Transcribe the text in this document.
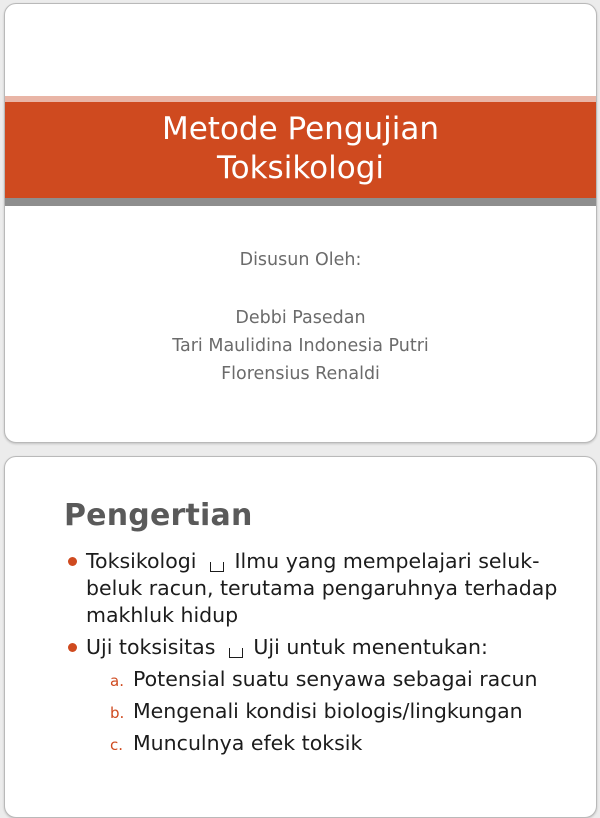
Metode Pengujian
Toksikologi
Disusun Oleh:
Debbi Pasedan
Tari Maulidina Indonesia Putri
Florensius Renaldi
Pengertian
Toksikologi Ilmu yang mempelajari seluk-beluk racun, terutama pengaruhnya terhadap makhluk hidup
Uji toksisitas Uji untuk menentukan:
a. Potensial suatu senyawa sebagai racun
b. Mengenali kondisi biologis/lingkungan
c. Munculnya efek toksik
